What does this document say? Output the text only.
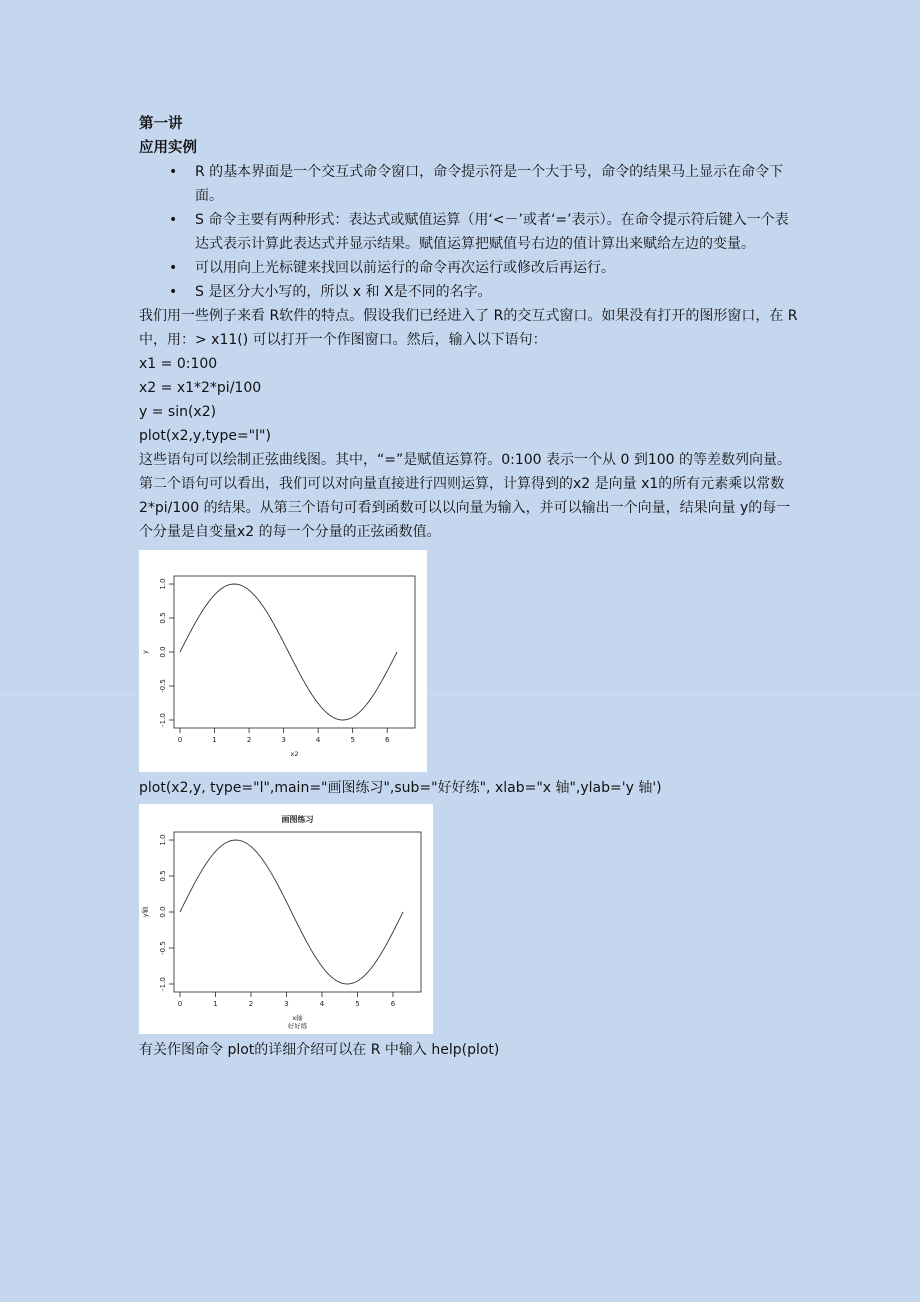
第一讲
应用实例
• R 的基本界面是一个交互式命令窗口，命令提示符是一个大于号，命令的结果马上显示在命令下面。
• S 命令主要有两种形式：表达式或赋值运算（用‘<－’或者‘=’表示）。在命令提示符后键入一个表达式表示计算此表达式并显示结果。赋值运算把赋值号右边的值计算出来赋给左边的变量。
• 可以用向上光标键来找回以前运行的命令再次运行或修改后再运行。
• S 是区分大小写的，所以 x 和 X是不同的名字。

我们用一些例子来看 R软件的特点。假设我们已经进入了 R的交互式窗口。如果没有打开的图形窗口，在 R 中，用：> x11() 可以打开一个作图窗口。然后，输入以下语句：

x1 = 0:100
x2 = x1*2*pi/100
y = sin(x2)
plot(x2,y,type="l")

这些语句可以绘制正弦曲线图。其中，“=”是赋值运算符。0:100 表示一个从 0 到100 的等差数列向量。第二个语句可以看出，我们可以对向量直接进行四则运算，计算得到的x2 是向量 x1的所有元素乘以常数 2*pi/100 的结果。从第三个语句可看到函数可以以向量为输入，并可以输出一个向量，结果向量 y的每一个分量是自变量x2 的每一个分量的正弦函数值。

0	1	2	3	4	5	6
-1.0
-0.5
0.0
0.5
1.0
x2
y
plot(x2,y, type="l",main="画图练习",sub="好好练", xlab="x 轴",ylab='y 轴')
0	1	2	3	4	5	6
-1.0
-0.5
0.0
0.5
1.0
画图练习
x轴
好好练
y轴
有关作图命令 plot的详细介绍可以在 R 中输入 help(plot)
